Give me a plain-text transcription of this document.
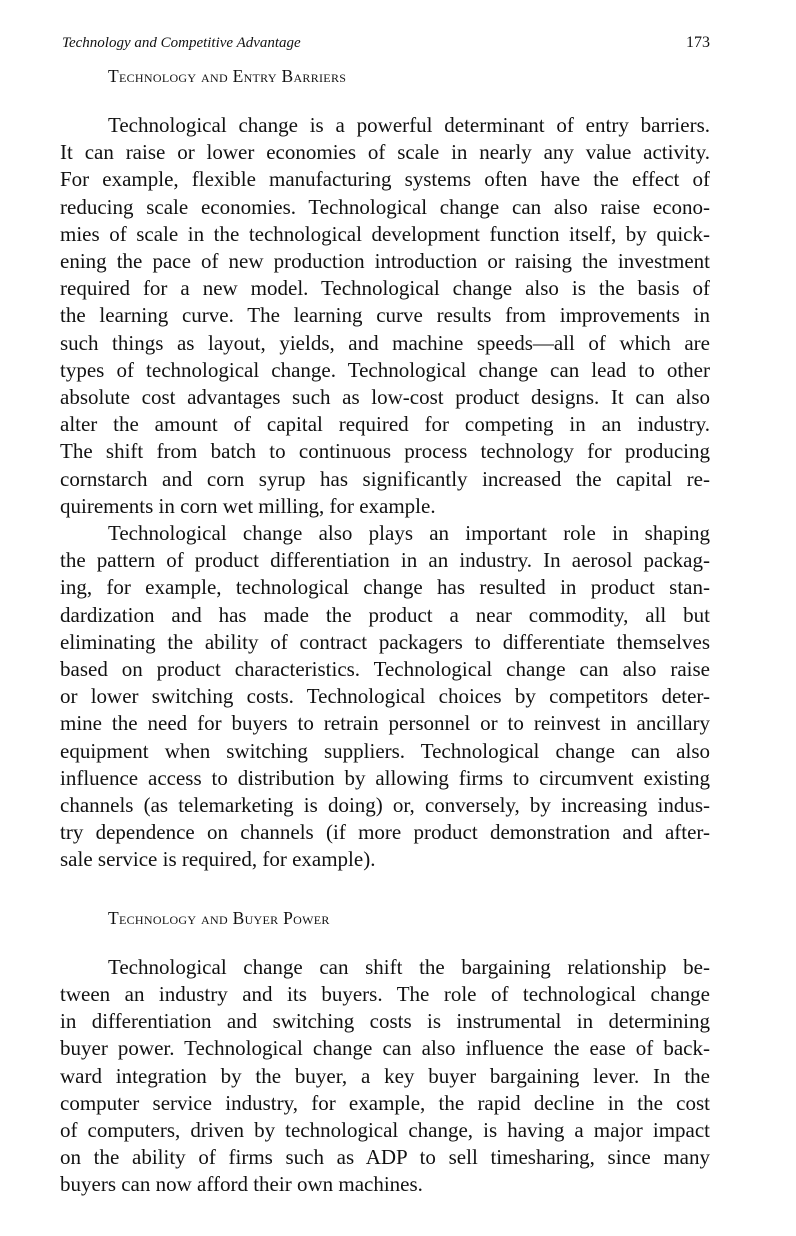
Technology and Competitive Advantage	173
Technology and Entry Barriers

Technological change is a powerful determinant of entry barriers.
It can raise or lower economies of scale in nearly any value activity.
For example, flexible manufacturing systems often have the effect of
reducing scale economies. Technological change can also raise econo-
mies of scale in the technological development function itself, by quick-
ening the pace of new production introduction or raising the investment
required for a new model. Technological change also is the basis of
the learning curve. The learning curve results from improvements in
such things as layout, yields, and machine speeds—all of which are
types of technological change. Technological change can lead to other
absolute cost advantages such as low-cost product designs. It can also
alter the amount of capital required for competing in an industry.
The shift from batch to continuous process technology for producing
cornstarch and corn syrup has significantly increased the capital re-
quirements in corn wet milling, for example.

Technological change also plays an important role in shaping
the pattern of product differentiation in an industry. In aerosol packag-
ing, for example, technological change has resulted in product stan-
dardization and has made the product a near commodity, all but
eliminating the ability of contract packagers to differentiate themselves
based on product characteristics. Technological change can also raise
or lower switching costs. Technological choices by competitors deter-
mine the need for buyers to retrain personnel or to reinvest in ancillary
equipment when switching suppliers. Technological change can also
influence access to distribution by allowing firms to circumvent existing
channels (as telemarketing is doing) or, conversely, by increasing indus-
try dependence on channels (if more product demonstration and after-
sale service is required, for example).

Technology and Buyer Power

Technological change can shift the bargaining relationship be-
tween an industry and its buyers. The role of technological change
in differentiation and switching costs is instrumental in determining
buyer power. Technological change can also influence the ease of back-
ward integration by the buyer, a key buyer bargaining lever. In the
computer service industry, for example, the rapid decline in the cost
of computers, driven by technological change, is having a major impact
on the ability of firms such as ADP to sell timesharing, since many
buyers can now afford their own machines.
